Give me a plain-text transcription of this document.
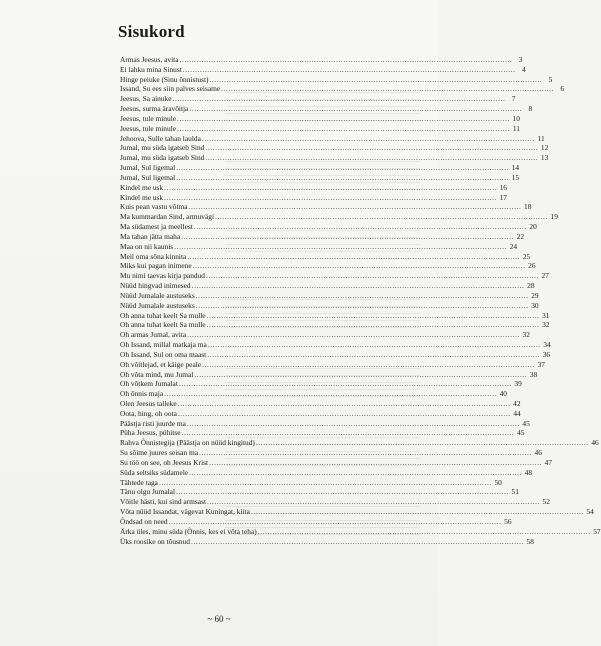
Sisukord
Armas Jeesus, avita .....	3
Ei lahku mina Sinust .....	4
Hinge peiuke (Sinu õnnistust) .....	5
Issand, Su ees siin palves seisame .....	6
Jeesus, Sa ainuke .....	7
Jeesus, surma äravõitja .....	8
Jeesus, tule minule .....	10
Jeesus, tule minule .....	11
Jehoova, Sulle tahan laulda .....	11
Jumal, mu süda igatseb Sind .....	12
Jumal, mu süda igatseb Sind .....	13
Jumal, Sul ligemal .....	14
Jumal, Sul ligemal .....	15
Kindel me usk .....	16
Kindel me usk .....	17
Kuis pean vastu võtma .....	18
Ma kummardan Sind, armuvägi .....	19
Ma südamest ja meellest .....	20
Ma tahan jätta maha .....	22
Maa on nii kaunis .....	24
Meil oma sõna kinnita .....	25
Miks kui pagan inimene .....	26
Mu nimi taevas kirja pandud .....	27
Nüüd hingvad inimesed .....	28
Nüüd Jumalale austuseks .....	29
Nüüd Jumalale austuseks .....	30
Oh anna tuhat keelt Sa mulle .....	31
Oh anna tuhat keelt Sa mulle .....	32
Oh armas Jumal, avita .....	32
Oh Issand, millal matkaja ma .....	34
Oh Issand, Sul on oma maast .....	36
Oh võitlejad, et käige peale .....	37
Oh võta mind, mu Jumal .....	38
Oh võtkem Jumalat .....	39
Oh õnnis maja .....	40
Olen Jeesus talleke .....	42
Oota, hing, oh oota .....	44
Päästja risti juurde ma .....	45
Püha Jeesus, pühitse .....	45
Rahva Õnnistegija (Päästja on nüüd kingitud) .....	46
Su sõime juures seisan ma .....	46
Su töö on see, oh Jeesus Krist .....	47
Süda seltsiks südamele .....	48
Tähtede taga .....	50
Tänu olgu Jumalal .....	51
Võitle hästi, kui sind armsast .....	52
Võta nüüd Issandat, vägevat Kuningat, kiita .....	54
Õndsad on need .....	56
Ärka üles, minu süda (Õnnis, kes ei võta teha) .....	57
Üks roosike on tõusnud .....	58
~ 60 ~
